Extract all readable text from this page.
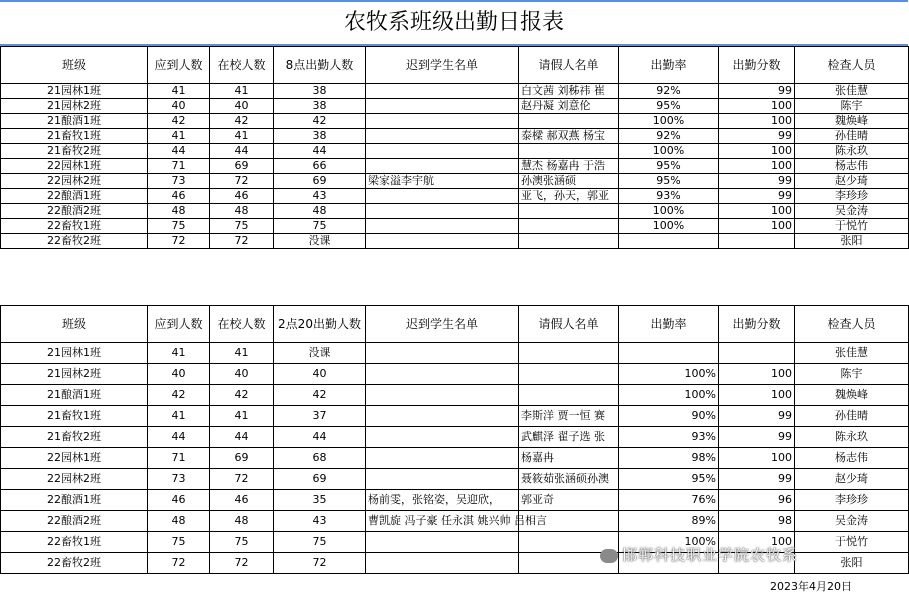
农牧系班级出勤日报表
班级	应到人数	在校人数	8点出勤人数	迟到学生名单	请假人名单	出勤率	出勤分数	检查人员
21园林1班	41	41	38		白文茜 刘秭祎 崔	92%	99	张佳慧
21园林2班	40	40	38		赵丹凝 刘意伦	95%	100	陈宇
21酿酒1班	42	42	42			100%	100	魏焕峰
21畜牧1班	41	41	38		泰樑 郝双燕 杨宝	92%	99	孙佳晴
21畜牧2班	44	44	44			100%	100	陈永玖
22园林1班	71	69	66		慧杰 杨嘉冉 于浩	95%	100	杨志伟
22园林2班	73	72	69	梁家溢李宇航	孙澳张涵硕	95%	99	赵少琦
22酿酒1班	46	46	43		亚飞，孙天，郭亚	93%	99	李珍珍
22酿酒2班	48	48	48			100%	100	吴金涛
22畜牧1班	75	75	75			100%	100	于悦竹
22畜牧2班	72	72	没课					张阳
班级	应到人数	在校人数	2点20出勤人数	迟到学生名单	请假人名单	出勤率	出勤分数	检查人员
21园林1班	41	41	没课					张佳慧
21园林2班	40	40	40			100%	100	陈宇
21酿酒1班	42	42	42			100%	100	魏焕峰
21畜牧1班	41	41	37		李斯洋 贾一恒 赛	90%	99	孙佳晴
21畜牧2班	44	44	44		武麒泽 翟子选 张	93%	99	陈永玖
22园林1班	71	69	68		杨嘉冉	98%	100	杨志伟
22园林2班	73	72	69		聂筱茹张涵硕孙澳	95%	99	赵少琦
22酿酒1班	46	46	35	杨前雯，张铭姿，吴迎欣，	郭亚奇	76%	96	李珍珍
22酿酒2班	48	48	43	曹凯旋 冯子豪 任永淇 姚兴帅 吕相言		89%	98	吴金涛
22畜牧1班	75	75	75			100%	100	于悦竹
22畜牧2班	72	72	72					张阳
邯郸科技职业学院农牧系
2023年4月20日
